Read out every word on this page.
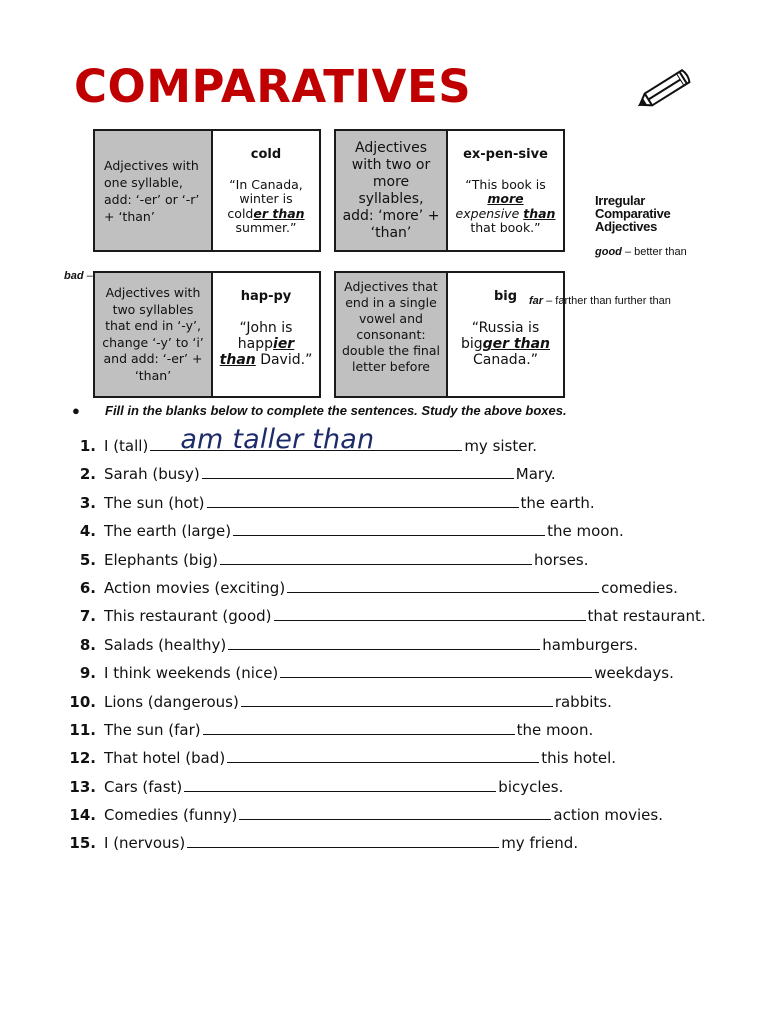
COMPARATIVES
Adjectives with one syllable, add: ‘-er’ or ‘-r’ + ‘than’
cold
“In Canada, winter is colder than summer.”
Adjectives with two or more syllables, add: ‘more’ + ‘than’
ex-pen-sive
“This book is more expensive than that book.”
Adjectives with two syllables that end in ‘-y’, change ‘-y’ to ‘i’ and add: ‘-er’ + ‘than’
hap-py
“John is happier than David.”
Adjectives that end in a single vowel and consonant: double the final letter before
big
“Russia is bigger than Canada.”
Irregular Comparative Adjectives
good – better than
bad –
far – farther than further than
● Fill in the blanks below to complete the sentences. Study the above boxes.
1. I (tall) am taller than	my sister.
2. Sarah (busy)	Mary.
3. The sun (hot)	the earth.
4. The earth (large)	the moon.
5. Elephants (big)	horses.
6. Action movies (exciting)	comedies.
7. This restaurant (good)	that restaurant.
8. Salads (healthy)	hamburgers.
9. I think weekends (nice)	weekdays.
10. Lions (dangerous)	rabbits.
11. The sun (far)	the moon.
12. That hotel (bad)	this hotel.
13. Cars (fast)	bicycles.
14. Comedies (funny)	action movies.
15. I (nervous)	my friend.
